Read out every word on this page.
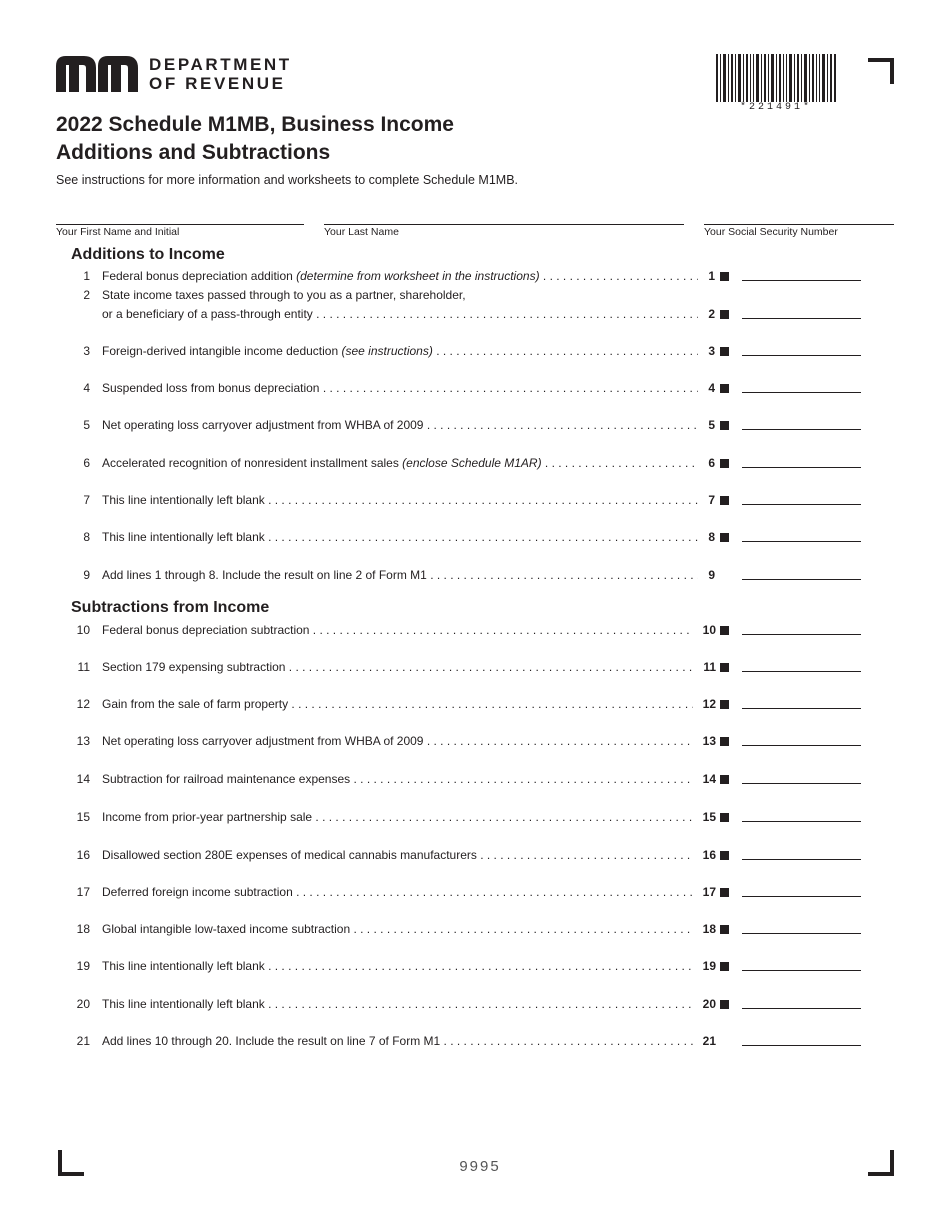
DEPARTMENT
OF REVENUE
*221491*
2022 Schedule M1MB, Business Income
Additions and Subtractions
See instructions for more information and worksheets to complete Schedule M1MB.
Your First Name and Initial	Your Last Name	Your Social Security Number
Additions to Income
1 Federal bonus depreciation addition (determine from worksheet in the instructions) . . .	1
2 State income taxes passed through to you as a partner, shareholder,
or a beneficiary of a pass-through entity . . .	2
3 Foreign-derived intangible income deduction (see instructions) . . .	3
4 Suspended loss from bonus depreciation . . .	4
5 Net operating loss carryover adjustment from WHBA of 2009 . . .	5
6 Accelerated recognition of nonresident installment sales (enclose Schedule M1AR) . . .	6
7 This line intentionally left blank . . .	7
8 This line intentionally left blank . . .	8
9 Add lines 1 through 8. Include the result on line 2 of Form M1 . . .	9
Subtractions from Income
10 Federal bonus depreciation subtraction . . .	10
11 Section 179 expensing subtraction . . .	11
12 Gain from the sale of farm property . . .	12
13 Net operating loss carryover adjustment from WHBA of 2009 . . .	13
14 Subtraction for railroad maintenance expenses . . .	14
15 Income from prior-year partnership sale . . .	15
16 Disallowed section 280E expenses of medical cannabis manufacturers . . .	16
17 Deferred foreign income subtraction . . .	17
18 Global intangible low-taxed income subtraction . . .	18
19 This line intentionally left blank . . .	19
20 This line intentionally left blank . . .	20
21 Add lines 10 through 20. Include the result on line 7 of Form M1 . . .	21
9995
